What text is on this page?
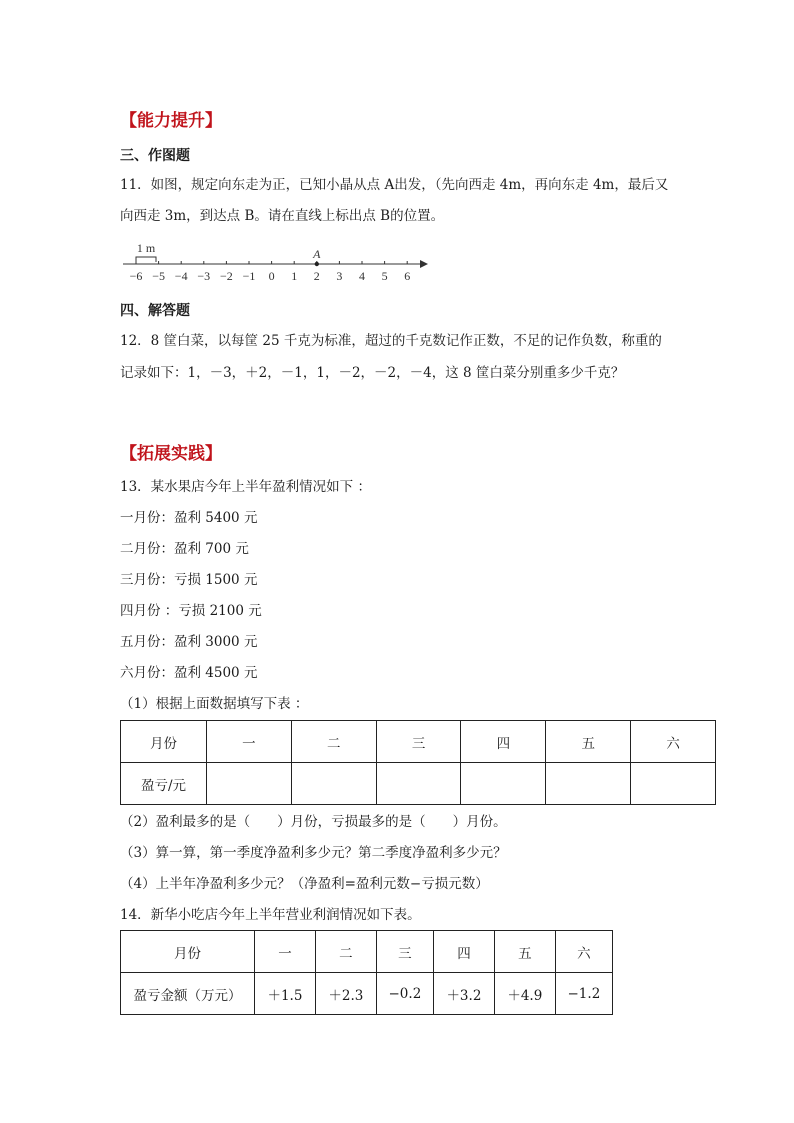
【能力提升】
三、作图题
11．如图，规定向东走为正，已知小晶从点 A出发，（先向西走 4m，再向东走 4m，最后又
向西走 3m，到达点 B。请在直线上标出点 B的位置。
−6 −5 −4 −3 −2 −1 0 1 2 3 4 5 6
1 m	A
四、解答题
12．8 筐白菜，以每筐 25 千克为标准，超过的千克数记作正数，不足的记作负数，称重的
记录如下：1，－3，＋2，－1，1，－2，－2，－4，这 8 筐白菜分别重多少千克？
【拓展实践】
13．某水果店今年上半年盈利情况如下 ：
一月份：盈利 5400 元
二月份：盈利 700 元
三月份：亏损 1500 元
四月份 ：亏损 2100 元
五月份：盈利 3000 元
六月份：盈利 4500 元
（1）根据上面数据填写下表 ：
月份	一	二	三	四	五	六
盈亏/元						
（2）盈利最多的是（　　）月份，亏损最多的是（　　）月份。
（3）算一算，第一季度净盈利多少元？第二季度净盈利多少元？
（4）上半年净盈利多少元？（净盈利=盈利元数−亏损元数）
14．新华小吃店今年上半年营业利润情况如下表。
月份	一	二	三	四	五	六
盈亏金额（万元）	＋1.5	＋2.3	−0.2	＋3.2	＋4.9	−1.2
